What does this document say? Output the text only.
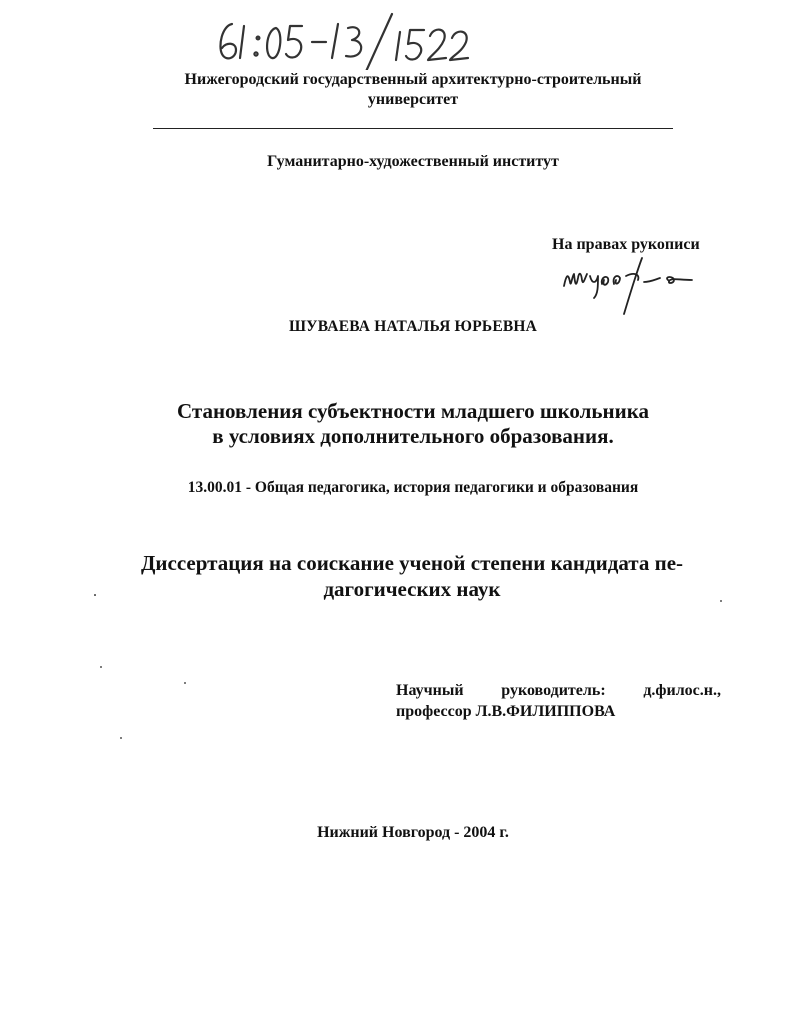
Нижегородский государственный архитектурно-строительный
университет
Гуманитарно-художественный институт
На правах рукописи
ШУВАЕВА НАТАЛЬЯ ЮРЬЕВНА
Становления субъектности младшего школьника
в условиях дополнительного образования.
13.00.01 - Общая педагогика, история педагогики и образования
Диссертация на соискание ученой степени кандидата пе-
дагогических наук
Научный руководитель: д.филос.н.,
профессор Л.В.ФИЛИППОВА
Нижний Новгород - 2004 г.
